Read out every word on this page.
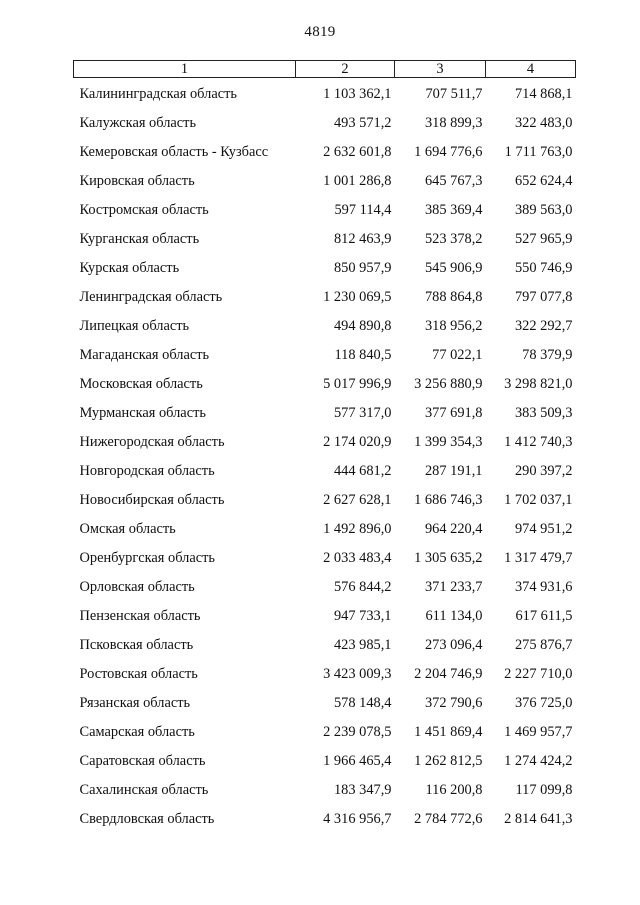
4819
1	2	3	4
Калининградская область	1 103 362,1	707 511,7	714 868,1
Калужская область	493 571,2	318 899,3	322 483,0
Кемеровская область - Кузбасс	2 632 601,8	1 694 776,6	1 711 763,0
Кировская область	1 001 286,8	645 767,3	652 624,4
Костромская область	597 114,4	385 369,4	389 563,0
Курганская область	812 463,9	523 378,2	527 965,9
Курская область	850 957,9	545 906,9	550 746,9
Ленинградская область	1 230 069,5	788 864,8	797 077,8
Липецкая область	494 890,8	318 956,2	322 292,7
Магаданская область	118 840,5	77 022,1	78 379,9
Московская область	5 017 996,9	3 256 880,9	3 298 821,0
Мурманская область	577 317,0	377 691,8	383 509,3
Нижегородская область	2 174 020,9	1 399 354,3	1 412 740,3
Новгородская область	444 681,2	287 191,1	290 397,2
Новосибирская область	2 627 628,1	1 686 746,3	1 702 037,1
Омская область	1 492 896,0	964 220,4	974 951,2
Оренбургская область	2 033 483,4	1 305 635,2	1 317 479,7
Орловская область	576 844,2	371 233,7	374 931,6
Пензенская область	947 733,1	611 134,0	617 611,5
Псковская область	423 985,1	273 096,4	275 876,7
Ростовская область	3 423 009,3	2 204 746,9	2 227 710,0
Рязанская область	578 148,4	372 790,6	376 725,0
Самарская область	2 239 078,5	1 451 869,4	1 469 957,7
Саратовская область	1 966 465,4	1 262 812,5	1 274 424,2
Сахалинская область	183 347,9	116 200,8	117 099,8
Свердловская область	4 316 956,7	2 784 772,6	2 814 641,3
